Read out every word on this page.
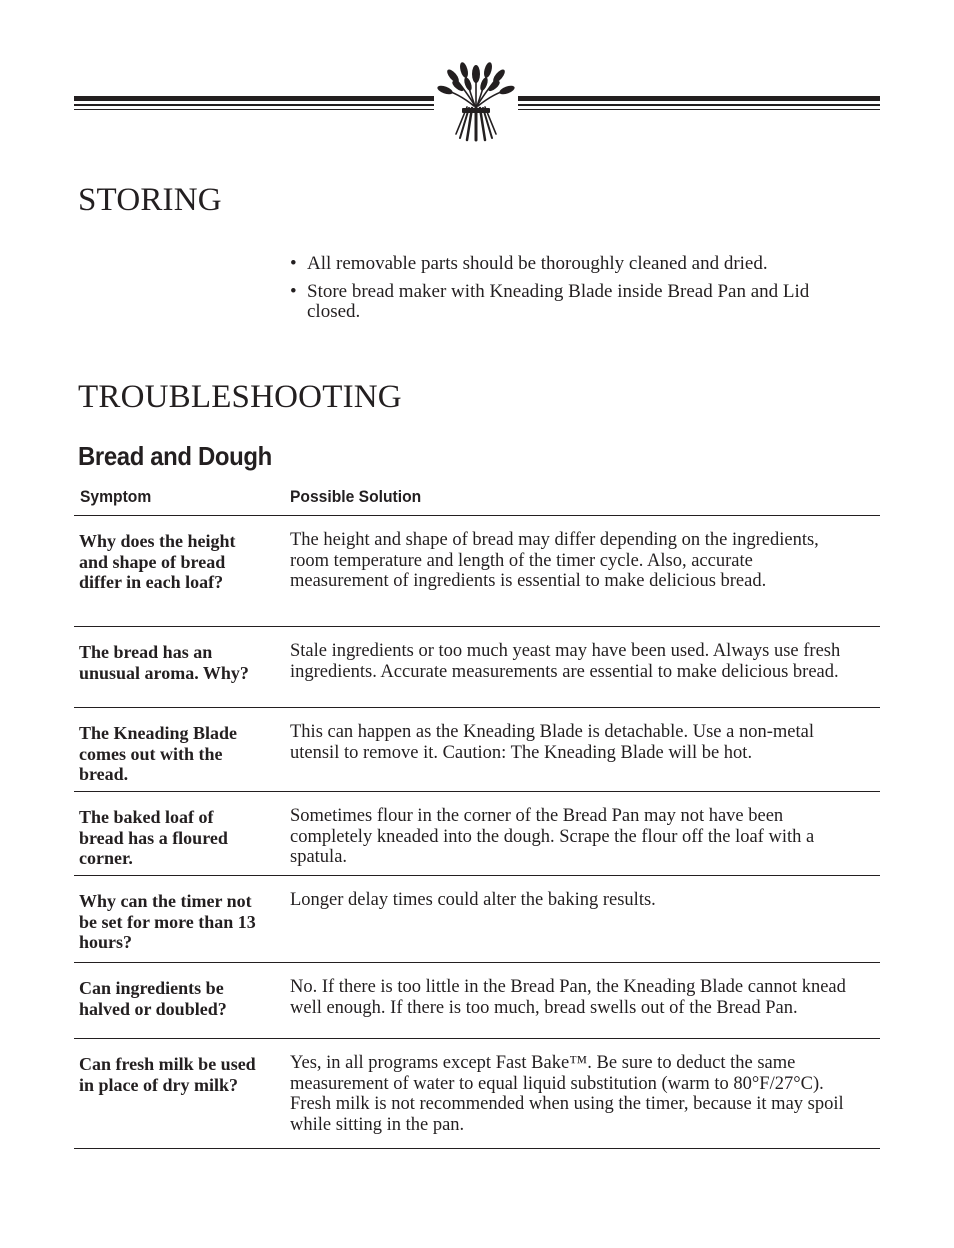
STORING
• All removable parts should be thoroughly cleaned and dried.
• Store bread maker with Kneading Blade inside Bread Pan and Lid closed.
TROUBLESHOOTING
Bread and Dough
Symptom	Possible Solution
Why does the height and shape of bread differ in each loaf?
The height and shape of bread may differ depending on the ingredients, room temperature and length of the timer cycle. Also, accurate measurement of ingredients is essential to make delicious bread.
The bread has an unusual aroma. Why?
Stale ingredients or too much yeast may have been used. Always use fresh ingredients. Accurate measurements are essential to make delicious bread.
The Kneading Blade comes out with the bread.
This can happen as the Kneading Blade is detachable. Use a non-metal utensil to remove it. Caution: The Kneading Blade will be hot.
The baked loaf of bread has a floured corner.
Sometimes flour in the corner of the Bread Pan may not have been completely kneaded into the dough. Scrape the flour off the loaf with a spatula.
Why can the timer not be set for more than 13 hours?
Longer delay times could alter the baking results.
Can ingredients be halved or doubled?
No. If there is too little in the Bread Pan, the Kneading Blade cannot knead well enough. If there is too much, bread swells out of the Bread Pan.
Can fresh milk be used in place of dry milk?
Yes, in all programs except Fast Bake™. Be sure to deduct the same measurement of water to equal liquid substitution (warm to 80°F/27°C). Fresh milk is not recommended when using the timer, because it may spoil while sitting in the pan.
